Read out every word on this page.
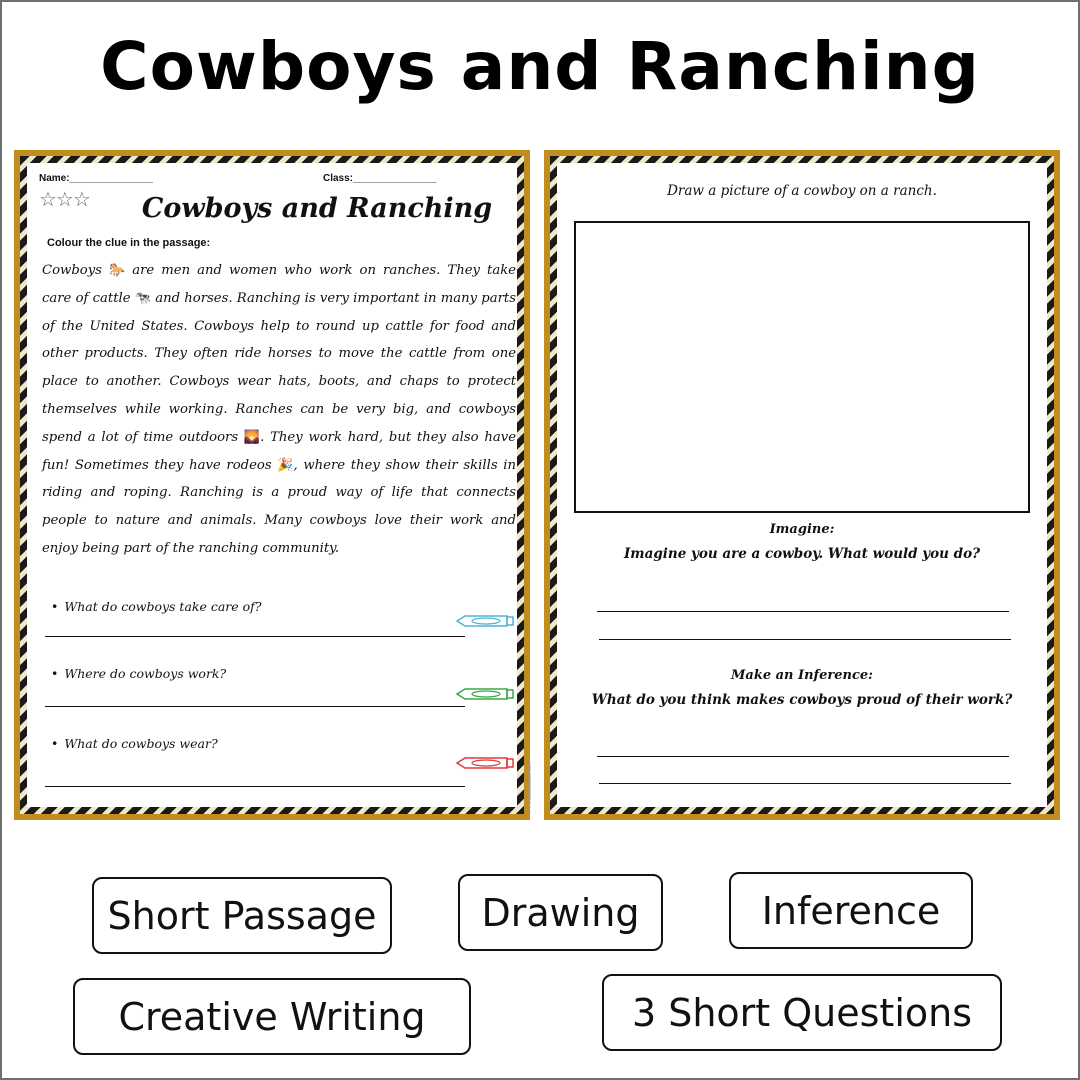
Cowboys and Ranching
Name:_______________	Class:_______________
☆☆☆	Cowboys and Ranching
Colour the clue in the passage:
Cowboys 🐎 are men and women who work on ranches. They take care of cattle 🐄 and horses. Ranching is very important in many parts of the United States. Cowboys help to round up cattle for food and other products. They often ride horses to move the cattle from one place to another. Cowboys wear hats, boots, and chaps to protect themselves while working. Ranches can be very big, and cowboys spend a lot of time outdoors 🌄. They work hard, but they also have fun! Sometimes they have rodeos 🎉, where they show their skills in riding and roping. Ranching is a proud way of life that connects people to nature and animals. Many cowboys love their work and enjoy being part of the ranching community.
• What do cowboys take care of?
• Where do cowboys work?
• What do cowboys wear?
© PrintableBazaar.com
Draw a picture of a cowboy on a ranch.
Imagine:
Imagine you are a cowboy. What would you do?
Make an Inference:
What do you think makes cowboys proud of their work?
Short Passage	Drawing	Inference
Creative Writing	3 Short Questions
